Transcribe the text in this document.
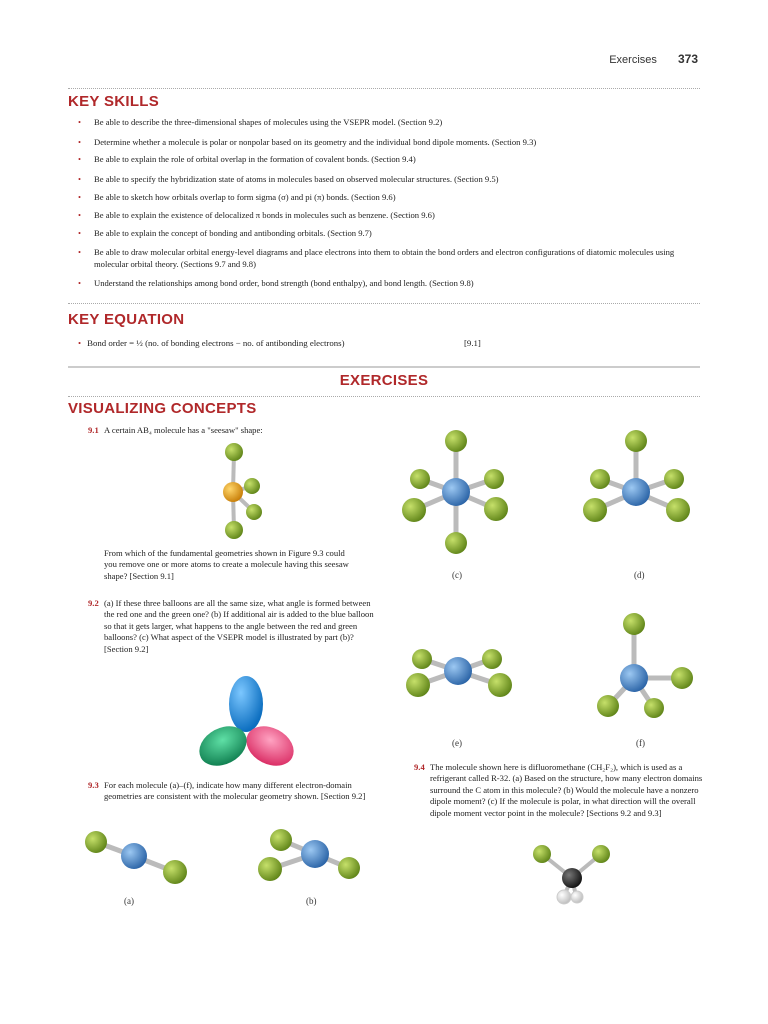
Exercises 373
KEY SKILLS
• Be able to describe the three-dimensional shapes of molecules using the VSEPR model. (Section 9.2)
• Determine whether a molecule is polar or nonpolar based on its geometry and the individual bond dipole moments. (Section 9.3)
• Be able to explain the role of orbital overlap in the formation of covalent bonds. (Section 9.4)
• Be able to specify the hybridization state of atoms in molecules based on observed molecular structures. (Section 9.5)
• Be able to sketch how orbitals overlap to form sigma (σ) and pi (π) bonds. (Section 9.6)
• Be able to explain the existence of delocalized π bonds in molecules such as benzene. (Section 9.6)
• Be able to explain the concept of bonding and antibonding orbitals. (Section 9.7)
• Be able to draw molecular orbital energy-level diagrams and place electrons into them to obtain the bond orders and electron configurations of diatomic molecules using molecular orbital theory. (Sections 9.7 and 9.8)
• Understand the relationships among bond order, bond strength (bond enthalpy), and bond length. (Section 9.8)
KEY EQUATION
• Bond order = ½ (no. of bonding electrons − no. of antibonding electrons)	[9.1]
EXERCISES
VISUALIZING CONCEPTS
9.1 A certain AB₄ molecule has a "seesaw" shape:
From which of the fundamental geometries shown in Figure 9.3 could you remove one or more atoms to create a molecule having this seesaw shape? [Section 9.1]
9.2 (a) If these three balloons are all the same size, what angle is formed between the red one and the green one? (b) If additional air is added to the blue balloon so that it gets larger, what happens to the angle between the red and green balloons? (c) What aspect of the VSEPR model is illustrated by part (b)? [Section 9.2]
9.3 For each molecule (a)–(f), indicate how many different electron-domain geometries are consistent with the molecular geometry shown. [Section 9.2]
(a)	(b)
(c)	(d)
(e)	(f)
9.4 The molecule shown here is difluoromethane (CH₂F₂), which is used as a refrigerant called R-32. (a) Based on the structure, how many electron domains surround the C atom in this molecule? (b) Would the molecule have a nonzero dipole moment? (c) If the molecule is polar, in what direction will the overall dipole moment vector point in the molecule? [Sections 9.2 and 9.3]
